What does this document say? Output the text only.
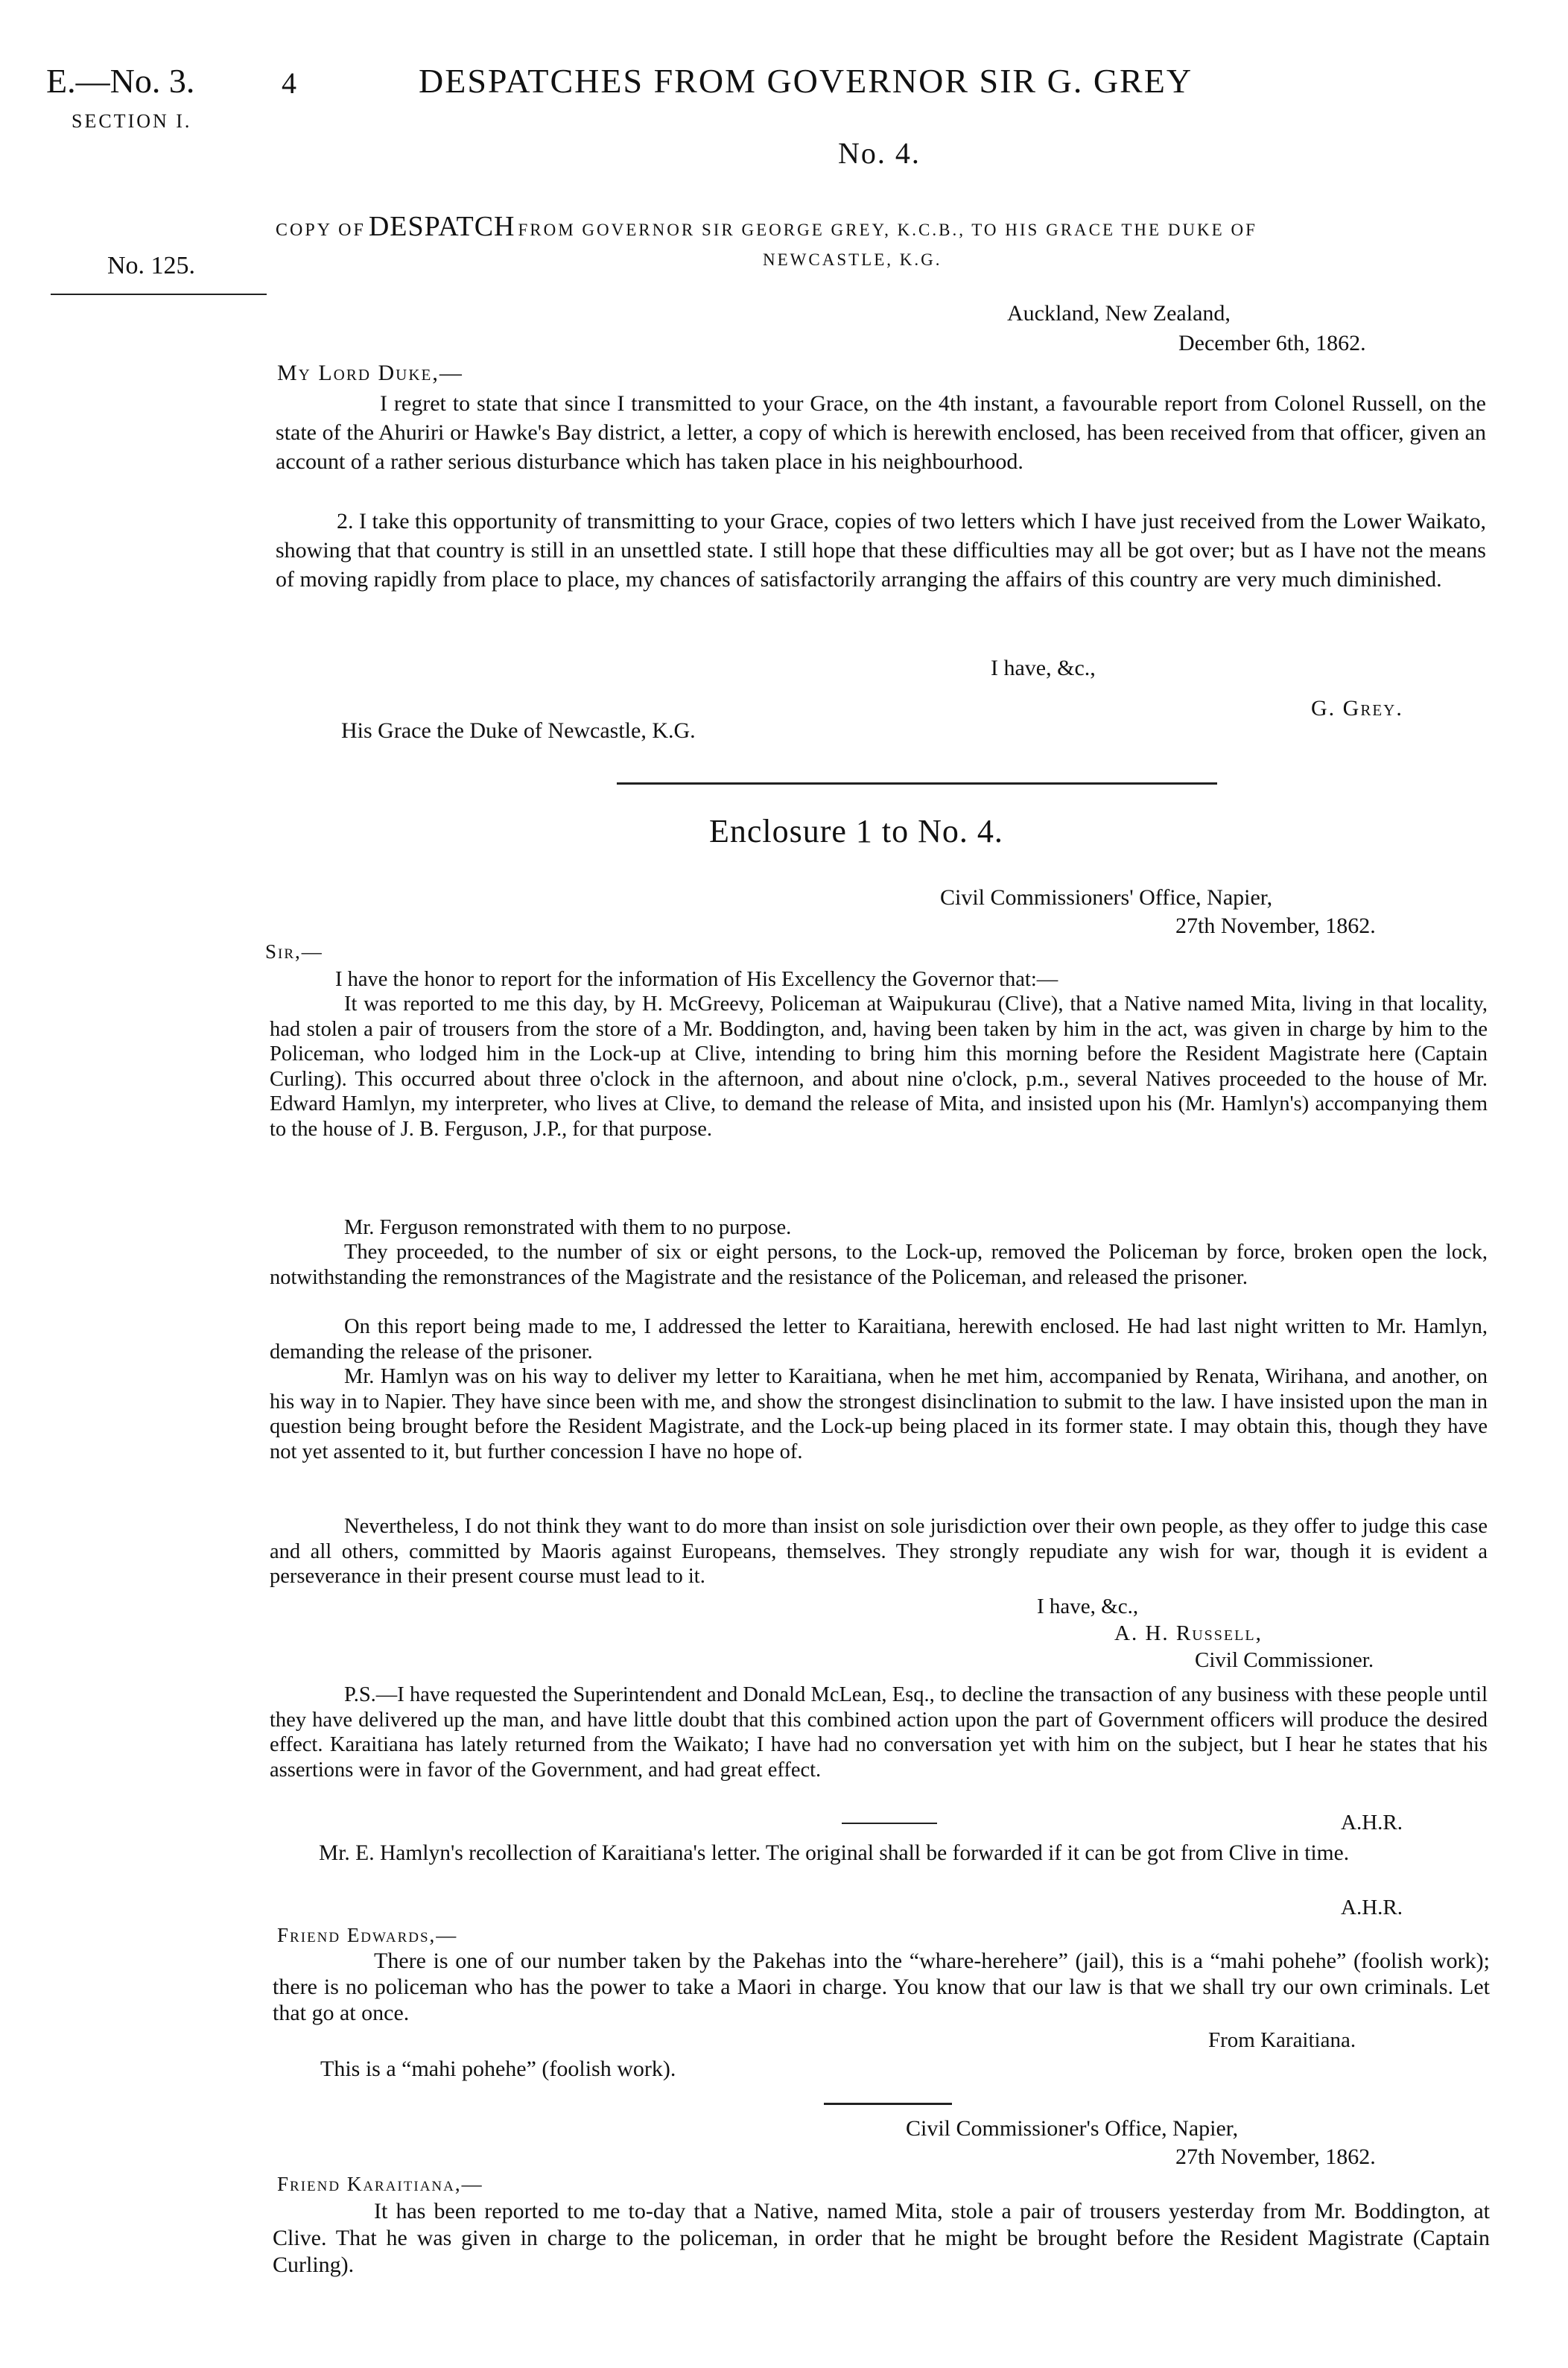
E.—No. 3.
SECTION I.
4	DESPATCHES FROM GOVERNOR SIR G. GREY
No. 4.
No. 125.
COPY OF DESPATCH FROM GOVERNOR SIR GEORGE GREY, K.C.B., TO HIS GRACE THE DUKE OF
NEWCASTLE, K.G.
Auckland, New Zealand,
December 6th, 1862.
My Lord Duke,—

I regret to state that since I transmitted to your Grace, on the 4th instant, a favourable report from Colonel Russell, on the state of the Ahuriri or Hawke's Bay district, a letter, a copy of which is herewith enclosed, has been received from that officer, given an account of a rather serious disturbance which has taken place in his neighbourhood.

2. I take this opportunity of transmitting to your Grace, copies of two letters which I have just received from the Lower Waikato, showing that that country is still in an unsettled state. I still hope that these difficulties may all be got over; but as I have not the means of moving rapidly from place to place, my chances of satisfactorily arranging the affairs of this country are very much diminished.

I have, &c.,
G. Grey.
His Grace the Duke of Newcastle, K.G.
Enclosure 1 to No. 4.
Civil Commissioners' Office, Napier,
27th November, 1862.
Sir,—

I have the honor to report for the information of His Excellency the Governor that:—

It was reported to me this day, by H. McGreevy, Policeman at Waipukurau (Clive), that a Native named Mita, living in that locality, had stolen a pair of trousers from the store of a Mr. Boddington, and, having been taken by him in the act, was given in charge by him to the Policeman, who lodged him in the Lock-up at Clive, intending to bring him this morning before the Resident Magistrate here (Captain Curling). This occurred about three o'clock in the afternoon, and about nine o'clock, p.m., several Natives proceeded to the house of Mr. Edward Hamlyn, my interpreter, who lives at Clive, to demand the release of Mita, and insisted upon his (Mr. Hamlyn's) accompanying them to the house of J. B. Ferguson, J.P., for that purpose.

Mr. Ferguson remonstrated with them to no purpose.

They proceeded, to the number of six or eight persons, to the Lock-up, removed the Policeman by force, broken open the lock, notwithstanding the remonstrances of the Magistrate and the resistance of the Policeman, and released the prisoner.

On this report being made to me, I addressed the letter to Karaitiana, herewith enclosed. He had last night written to Mr. Hamlyn, demanding the release of the prisoner.

Mr. Hamlyn was on his way to deliver my letter to Karaitiana, when he met him, accompanied by Renata, Wirihana, and another, on his way in to Napier. They have since been with me, and show the strongest disinclination to submit to the law. I have insisted upon the man in question being brought before the Resident Magistrate, and the Lock-up being placed in its former state. I may obtain this, though they have not yet assented to it, but further concession I have no hope of.

Nevertheless, I do not think they want to do more than insist on sole jurisdiction over their own people, as they offer to judge this case and all others, committed by Maoris against Europeans, themselves. They strongly repudiate any wish for war, though it is evident a perseverance in their present course must lead to it.

I have, &c.,
A. H. Russell,
Civil Commissioner.

P.S.—I have requested the Superintendent and Donald McLean, Esq., to decline the transaction of any business with these people until they have delivered up the man, and have little doubt that this combined action upon the part of Government officers will produce the desired effect. Karaitiana has lately returned from the Waikato; I have had no conversation yet with him on the subject, but I hear he states that his assertions were in favor of the Government, and had great effect.

A.H.R.

Mr. E. Hamlyn's recollection of Karaitiana's letter. The original shall be forwarded if it can be got from Clive in time.

A.H.R.
Friend Edwards,—

There is one of our number taken by the Pakehas into the “whare-herehere” (jail), this is a “mahi pohehe” (foolish work); there is no policeman who has the power to take a Maori in charge. You know that our law is that we shall try our own criminals. Let that go at once.

From Karaitiana.
This is a “mahi pohehe” (foolish work).
Civil Commissioner's Office, Napier,
27th November, 1862.
Friend Karaitiana,—

It has been reported to me to-day that a Native, named Mita, stole a pair of trousers yesterday from Mr. Boddington, at Clive. That he was given in charge to the policeman, in order that he might be brought before the Resident Magistrate (Captain Curling).
